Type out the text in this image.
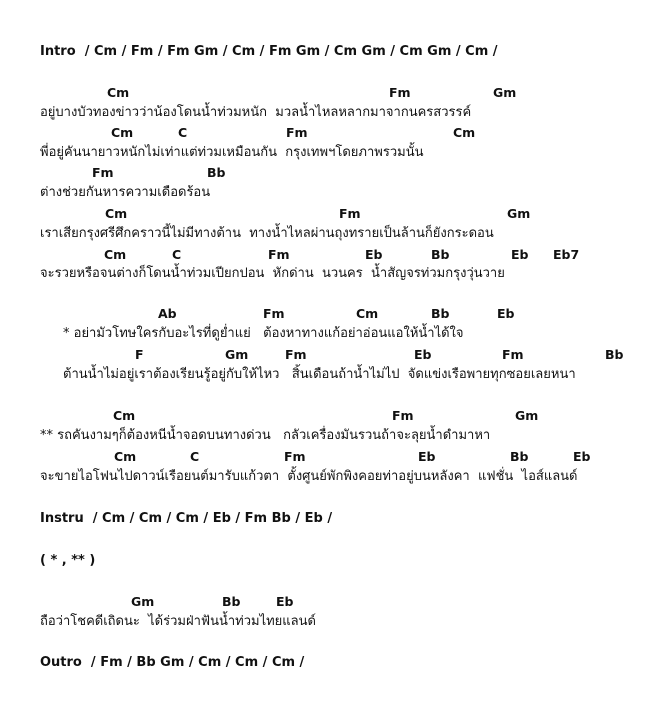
Intro  / Cm / Fm / Fm Gm / Cm / Fm Gm / Cm Gm / Cm Gm / Cm /
Cm	Fm	Gm
อยู่บางบัวทองข่าวว่าน้องโดนน้ำท่วมหนัก  มวลน้ำไหลหลากมาจากนครสวรรค์
Cm	C	Fm	Cm
พี่อยู่คันนายาวหนักไม่เท่าแต่ท่วมเหมือนกัน  กรุงเทพฯโดยภาพรวมนั้น
Fm	Bb
ต่างช่วยกันหารความเดือดร้อน
Cm	Fm	Gm
เราเสียกรุงศรีศึกคราวนี้ไม่มีทางต้าน  ทางน้ำไหลผ่านถุงทรายเป็นล้านก็ยังกระดอน
Cm	C	Fm	Eb	Bb	Eb Eb7
จะรวยหรือจนต่างก็โดนน้ำท่วมเปียกปอน  หักด่าน  นวนคร  น้ำสัญจรท่วมกรุงวุ่นวาย
Ab	Fm	Cm	Bb	Eb
* อย่ามัวโทษใครกับอะไรที่ดูย่ำแย่   ต้องหาทางแก้อย่าอ่อนแอให้น้ำได้ใจ
F	Gm	Fm	Eb	Fm	Bb
ต้านน้ำไม่อยู่เราต้องเรียนรู้อยู่กับให้ไหว   สิ้นเดือนถ้าน้ำไม่ไป  จัดแข่งเรือพายทุกซอยเลยหนา
Cm	Fm	Gm
** รถคันงามๆก็ต้องหนีน้ำจอดบนทางด่วน   กลัวเครื่องมันรวนถ้าจะลุยน้ำดำมาหา
Cm	C	Fm	Eb	Bb	Eb
จะขายไอโฟนไปดาวน์เรือยนต์มารับแก้วตา  ตั้งศูนย์พักพิงคอยท่าอยู่บนหลังคา  แฟชั่น  ไอส์แลนด์
Instru  / Cm / Cm / Cm / Eb / Fm Bb / Eb /
( * , ** )
Gm	Bb	Eb
ถือว่าโชคดีเถิดนะ  ได้ร่วมฝ่าฟันน้ำท่วมไทยแลนด์
Outro  / Fm / Bb Gm / Cm / Cm / Cm /
